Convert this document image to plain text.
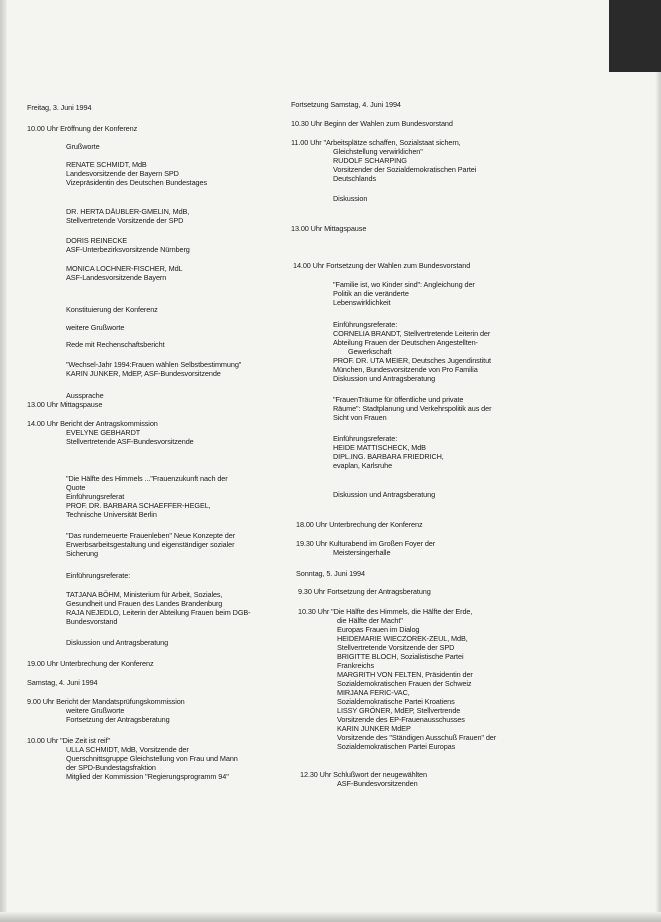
Freitag, 3. Juni 1994
10.00 Uhr Eröffnung der Konferenz
Grußworte
RENATE SCHMIDT, MdB
Landesvorsitzende der Bayern SPD
Vizepräsidentin des Deutschen Bundestages
DR. HERTA DÄUBLER-GMELIN, MdB,
Stellvertretende Vorsitzende der SPD
DORIS REINECKE
ASF-Unterbezirksvorsitzende Nürnberg
MONICA LOCHNER-FISCHER, MdL
ASF-Landesvorsitzende Bayern
Konstituierung der Konferenz
weitere Grußworte
Rede mit Rechenschaftsbericht
"Wechsel-Jahr 1994:Frauen wählen Selbstbestimmung"
KARIN JUNKER, MdEP, ASF-Bundesvorsitzende
Aussprache
13.00 Uhr Mittagspause
14.00 Uhr Bericht der Antragskommission
EVELYNE GEBHARDT
Stellvertretende ASF-Bundesvorsitzende
"Die Hälfte des Himmels ..."Frauenzukunft nach der
Quote
Einführungsreferat
PROF. DR. BARBARA SCHAEFFER-HEGEL,
Technische Universität Berlin
"Das runderneuerte Frauenleben" Neue Konzepte der
Erwerbsarbeitsgestaltung und eigenständiger sozialer
Sicherung
Einführungsreferate:
TATJANA BÖHM, Ministerium für Arbeit, Soziales,
Gesundheit und Frauen des Landes Brandenburg
RAJA NEJEDLO, Leiterin der Abteilung Frauen beim DGB-
Bundesvorstand
Diskussion und Antragsberatung
19.00 Uhr Unterbrechung der Konferenz
Samstag, 4. Juni 1994
9.00 Uhr Bericht der Mandatsprüfungskommission
weitere Grußworte
Fortsetzung der Antragsberatung
10.00 Uhr "Die Zeit ist reif"
ULLA SCHMIDT, MdB, Vorsitzende der
Querschnittsgruppe Gleichstellung von Frau und Mann
der SPD-Bundestagsfraktion
Mitglied der Kommission "Regierungsprogramm 94"
Fortsetzung Samstag, 4. Juni 1994
10.30 Uhr Beginn der Wahlen zum Bundesvorstand
11.00 Uhr "Arbeitsplätze schaffen, Sozialstaat sichern,
Gleichstellung verwirklichen"
RUDOLF SCHARPING
Vorsitzender der Sozialdemokratischen Partei
Deutschlands
Diskussion
13.00 Uhr Mittagspause
14.00 Uhr Fortsetzung der Wahlen zum Bundesvorstand
"Familie ist, wo Kinder sind": Angleichung der
Politik an die veränderte
Lebenswirklichkeit
Einführungsreferate:
CORNELIA BRANDT, Stellvertretende Leiterin der
Abteilung Frauen der Deutschen Angestellten-
Gewerkschaft
PROF. DR. UTA MEIER, Deutsches Jugendinstitut
München, Bundesvorsitzende von Pro Familia
Diskussion und Antragsberatung
"FrauenTräume für öffentliche und private
Räume": Stadtplanung und Verkehrspolitik aus der
Sicht von Frauen
Einführungsreferate:
HEIDE MATTISCHECK, MdB
DIPL.ING. BARBARA FRIEDRICH,
evaplan, Karlsruhe
Diskussion und Antragsberatung
18.00 Uhr Unterbrechung der Konferenz
19.30 Uhr Kulturabend im Großen Foyer der
Meistersingerhalle
Sonntag, 5. Juni 1994
9.30 Uhr Fortsetzung der Antragsberatung
10.30 Uhr "Die Hälfte des Himmels, die Hälfte der Erde,
die Hälfte der Macht"
Europas Frauen im Dialog
HEIDEMARIE WIECZOREK-ZEUL, MdB,
Stellvertretende Vorsitzende der SPD
BRIGITTE BLOCH, Sozialistische Partei
Frankreichs
MARGRITH VON FELTEN, Präsidentin der
Sozialdemokratischen Frauen der Schweiz
MIRJANA FERIC-VAC,
Sozialdemokratische Partei Kroatiens
LISSY GRÖNER, MdEP, Stellvertrende
Vorsitzende des EP-Frauenausschusses
KARIN JUNKER MdEP
Vorsitzende des "Ständigen Ausschuß Frauen" der
Sozialdemokratischen Partei Europas
12.30 Uhr Schlußwort der neugewählten
ASF-Bundesvorsitzenden
